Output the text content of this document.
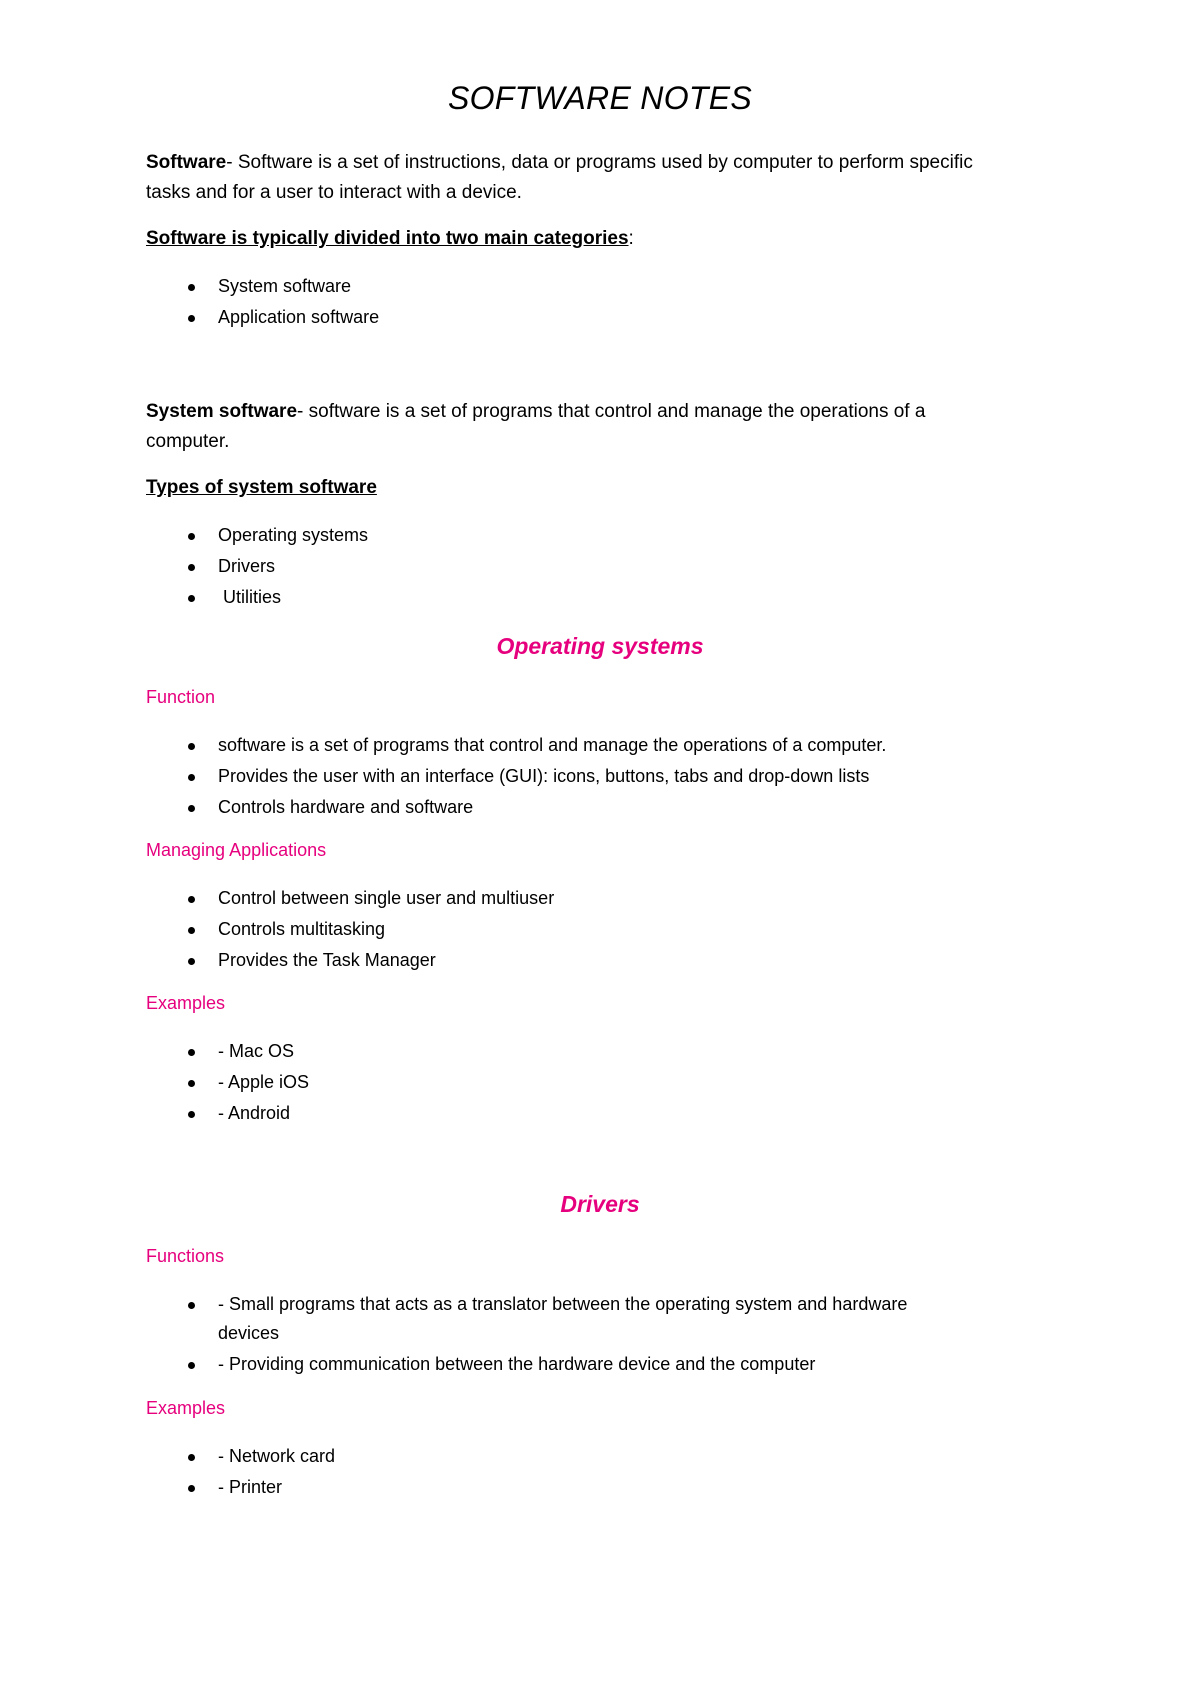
SOFTWARE NOTES
Software- Software is a set of instructions, data or programs used by computer to perform specific
tasks and for a user to interact with a device.
Software is typically divided into two main categories:
System software
Application software
System software- software is a set of programs that control and manage the operations of a
computer.
Types of system software
Operating systems
Drivers
Utilities
Operating systems
Function
software is a set of programs that control and manage the operations of a computer.
Provides the user with an interface (GUI): icons, buttons, tabs and drop-down lists
Controls hardware and software
Managing Applications
Control between single user and multiuser
Controls multitasking
Provides the Task Manager
Examples
- Mac OS
- Apple iOS
- Android
Drivers
Functions
- Small programs that acts as a translator between the operating system and hardware
devices
- Providing communication between the hardware device and the computer
Examples
- Network card
- Printer
